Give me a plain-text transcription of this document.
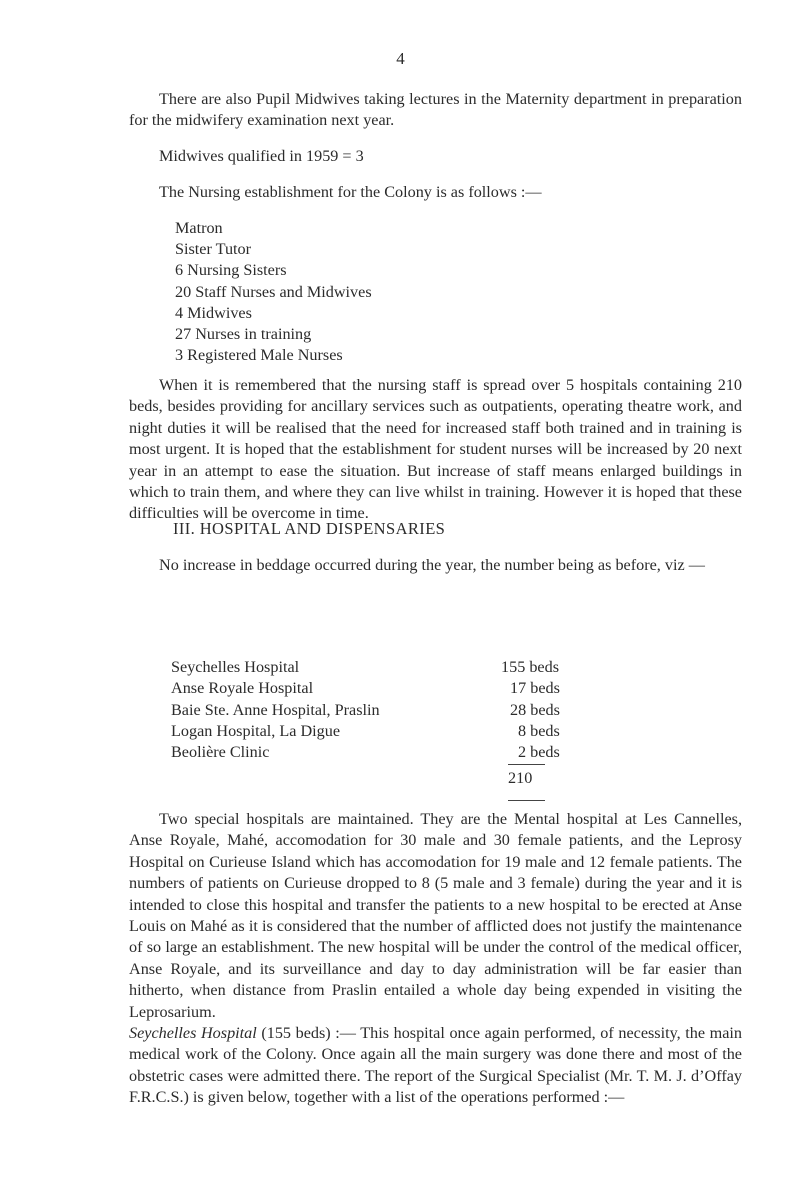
4

There are also Pupil Midwives taking lectures in the Maternity department in preparation for the midwifery examination next year.

Midwives qualified in 1959 = 3

The Nursing establishment for the Colony is as follows :—

Matron
Sister Tutor
6 Nursing Sisters
20 Staff Nurses and Midwives
4 Midwives
27 Nurses in training
3 Registered Male Nurses

When it is remembered that the nursing staff is spread over 5 hospitals containing 210 beds, besides providing for ancillary services such as outpatients, operating theatre work, and night duties it will be realised that the need for increased staff both trained and in training is most urgent. It is hoped that the establishment for student nurses will be increased by 20 next year in an attempt to ease the situation. But increase of staff means enlarged buildings in which to train them, and where they can live whilst in training. However it is hoped that these difficulties will be overcome in time.

III. HOSPITAL AND DISPENSARIES

No increase in beddage occurred during the year, the number being as before, viz —

Seychelles Hospital	155 beds
Anse Royale Hospital	17 beds
Baie Ste. Anne Hospital, Praslin	28 beds
Logan Hospital, La Digue	8 beds
Beolière Clinic	2 beds
210

Two special hospitals are maintained. They are the Mental hospital at Les Cannelles, Anse Royale, Mahé, accomodation for 30 male and 30 female patients, and the Leprosy Hospital on Curieuse Island which has accomodation for 19 male and 12 female patients. The numbers of patients on Curieuse dropped to 8 (5 male and 3 female) during the year and it is intended to close this hospital and transfer the patients to a new hospital to be erected at Anse Louis on Mahé as it is considered that the number of afflicted does not justify the maintenance of so large an establishment. The new hospital will be under the control of the medical officer, Anse Royale, and its surveillance and day to day administration will be far easier than hitherto, when distance from Praslin entailed a whole day being expended in visiting the Leprosarium.
Seychelles Hospital (155 beds) :— This hospital once again performed, of necessity, the main medical work of the Colony. Once again all the main surgery was done there and most of the obstetric cases were admitted there. The report of the Surgical Specialist (Mr. T. M. J. d’Offay F.R.C.S.) is given below, together with a list of the operations performed :—
